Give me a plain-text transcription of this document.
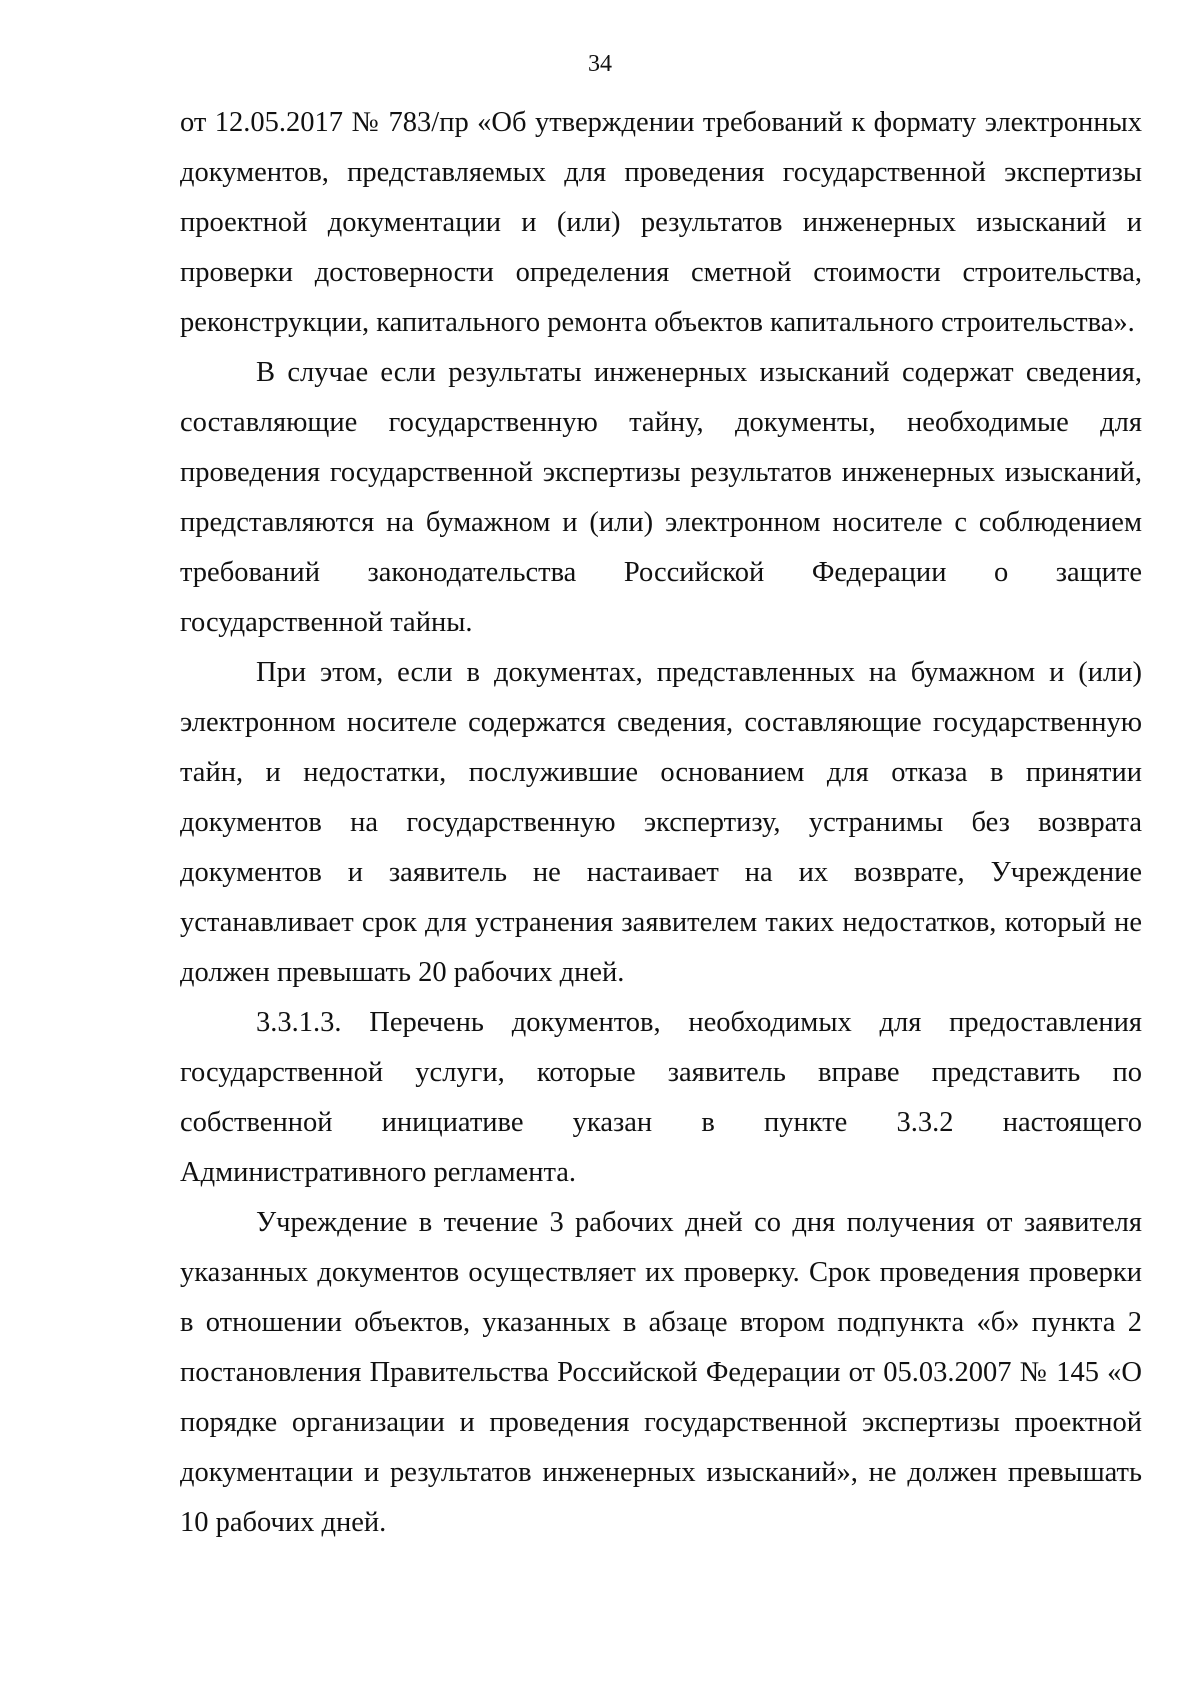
34

от 12.05.2017 № 783/пр «Об утверждении требований к формату электронных документов, представляемых для проведения государственной экспертизы проектной документации и (или) результатов инженерных изысканий и проверки достоверности определения сметной стоимости строительства, реконструкции, капитального ремонта объектов капитального строительства».

В случае если результаты инженерных изысканий содержат сведения, составляющие государственную тайну, документы, необходимые для проведения государственной экспертизы результатов инженерных изысканий, представляются на бумажном и (или) электронном носителе с соблюдением требований законодательства Российской Федерации о защите государственной тайны.

При этом, если в документах, представленных на бумажном и (или) электронном носителе содержатся сведения, составляющие государственную тайн, и недостатки, послужившие основанием для отказа в принятии документов на государственную экспертизу, устранимы без возврата документов и заявитель не настаивает на их возврате, Учреждение устанавливает срок для устранения заявителем таких недостатков, который не должен превышать 20 рабочих дней.

3.3.1.3. Перечень документов, необходимых для предоставления государственной услуги, которые заявитель вправе представить по собственной инициативе указан в пункте 3.3.2 настоящего Административного регламента.

Учреждение в течение 3 рабочих дней со дня получения от заявителя указанных документов осуществляет их проверку. Срок проведения проверки в отношении объектов, указанных в абзаце втором подпункта «б» пункта 2 постановления Правительства Российской Федерации от 05.03.2007 № 145 «О порядке организации и проведения государственной экспертизы проектной документации и результатов инженерных изысканий», не должен превышать 10 рабочих дней.
